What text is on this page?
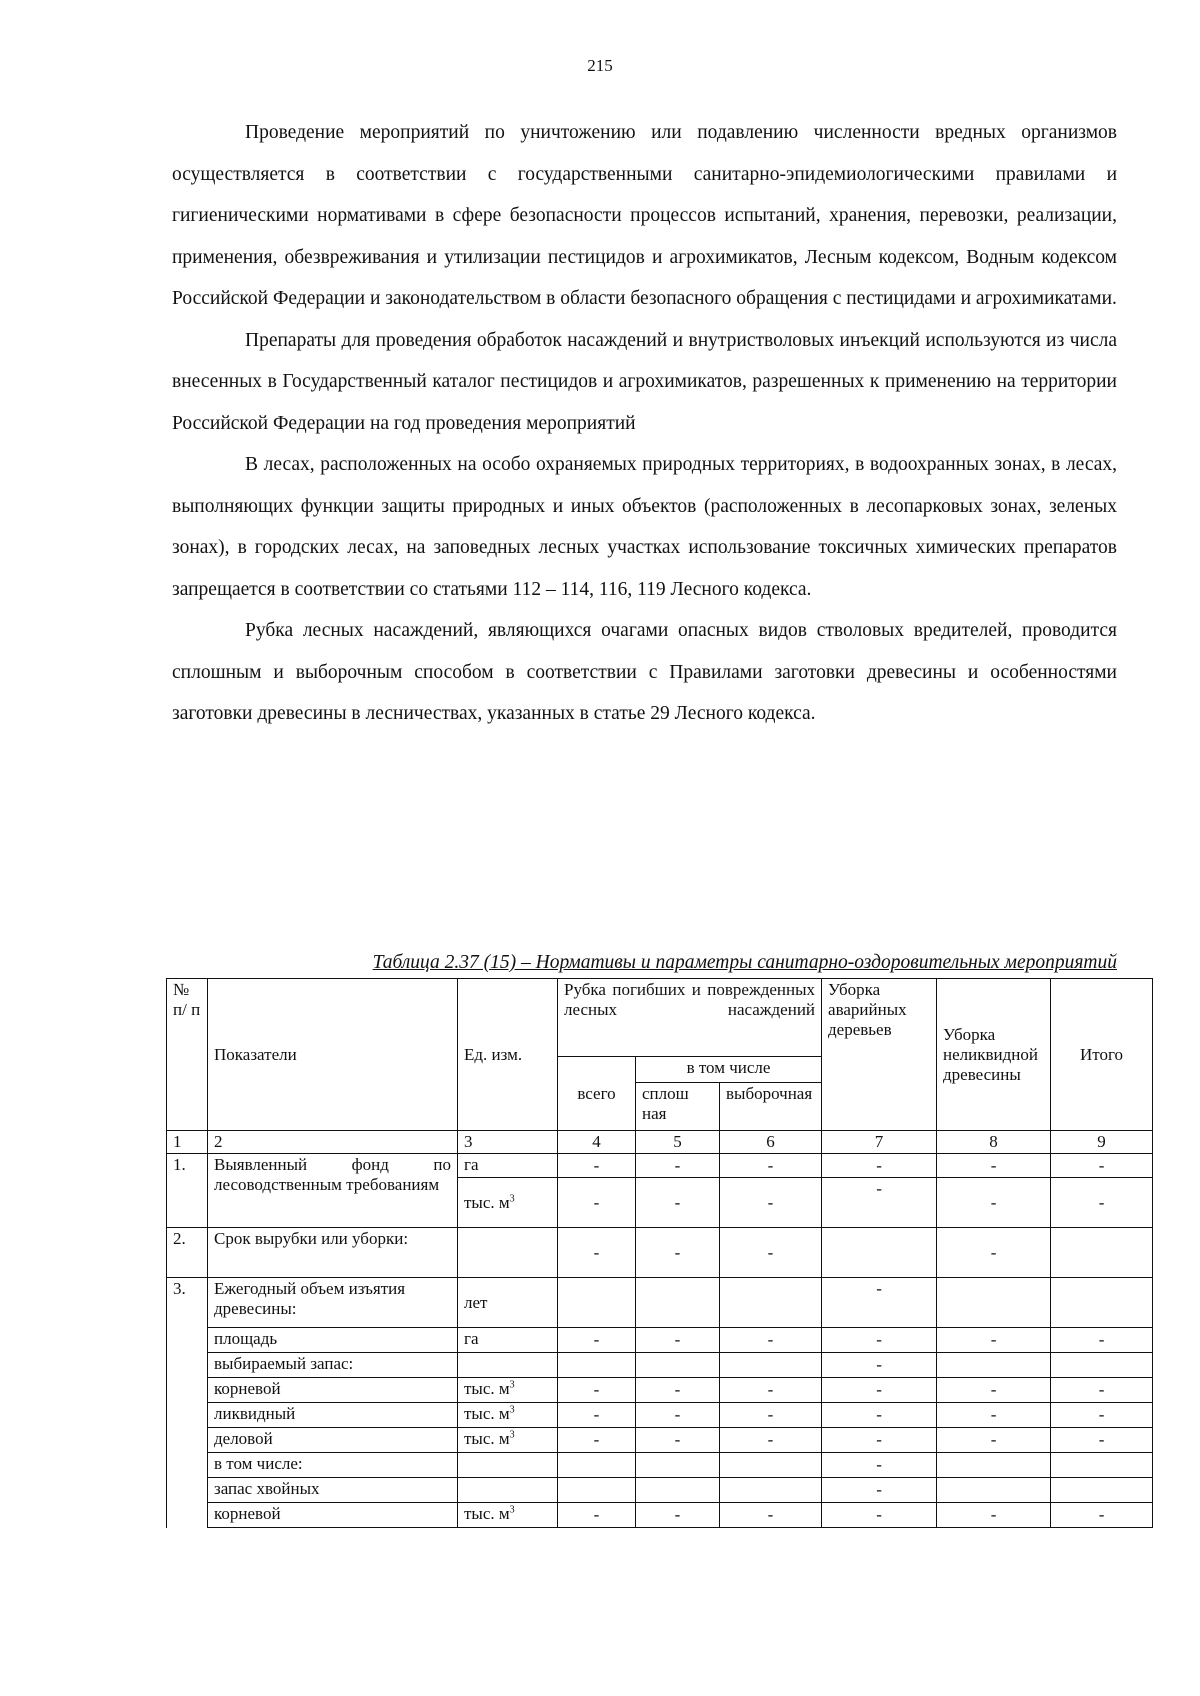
215

Проведение мероприятий по уничтожению или подавлению численности вредных организмов осуществляется в соответствии с государственными санитарно-эпидемиологическими правилами и гигиеническими нормативами в сфере безопасности процессов испытаний, хранения, перевозки, реализации, применения, обезвреживания и утилизации пестицидов и агрохимикатов, Лесным кодексом, Водным кодексом Российской Федерации и законодательством в области безопасного обращения с пестицидами и агрохимикатами.

Препараты для проведения обработок насаждений и внутристволовых инъекций используются из числа внесенных в Государственный каталог пестицидов и агрохимикатов, разрешенных к применению на территории Российской Федерации на год проведения мероприятий

В лесах, расположенных на особо охраняемых природных территориях, в водоохранных зонах, в лесах, выполняющих функции защиты природных и иных объектов (расположенных в лесопарковых зонах, зеленых зонах), в городских лесах, на заповедных лесных участках использование токсичных химических препаратов запрещается в соответствии со статьями 112 – 114, 116, 119 Лесного кодекса.

Рубка лесных насаждений, являющихся очагами опасных видов стволовых вредителей, проводится сплошным и выборочным способом в соответствии с Правилами заготовки древесины и особенностями заготовки древесины в лесничествах, указанных в статье 29 Лесного кодекса.

Таблица 2.37 (15) – Нормативы и параметры санитарно-оздоровительных мероприятий
№ п/ п	Показатели	Ед. изм.	Рубка погибших и поврежденных лесных насаждений			Уборка аварийных деревьев	Уборка неликвидной древесины	Итого
			всего	в том числе				
				сплош ная	выборочная			
1	2	3	4	5	6	7	8	9
1.	Выявленный фонд по лесоводственным требованиям	га	-	-	-	-	-	-
		тыс. $м^3$	-	-	-	-	-	-
2.	Срок вырубки или уборки:		-	-	-		-	
3.	Ежегодный объем изъятия древесины:	лет				-		
	площадь	га	-	-	-	-	-	-
	выбираемый запас:					-		
	корневой	тыс. $м^3$	-	-	-	-	-	-
	ликвидный	тыс. $м^3$	-	-	-	-	-	-
	деловой	тыс. $м^3$	-	-	-	-	-	-
	в том числе:					-		
	запас хвойных					-		
	корневой	тыс. $м^3$	-	-	-	-	-	-
